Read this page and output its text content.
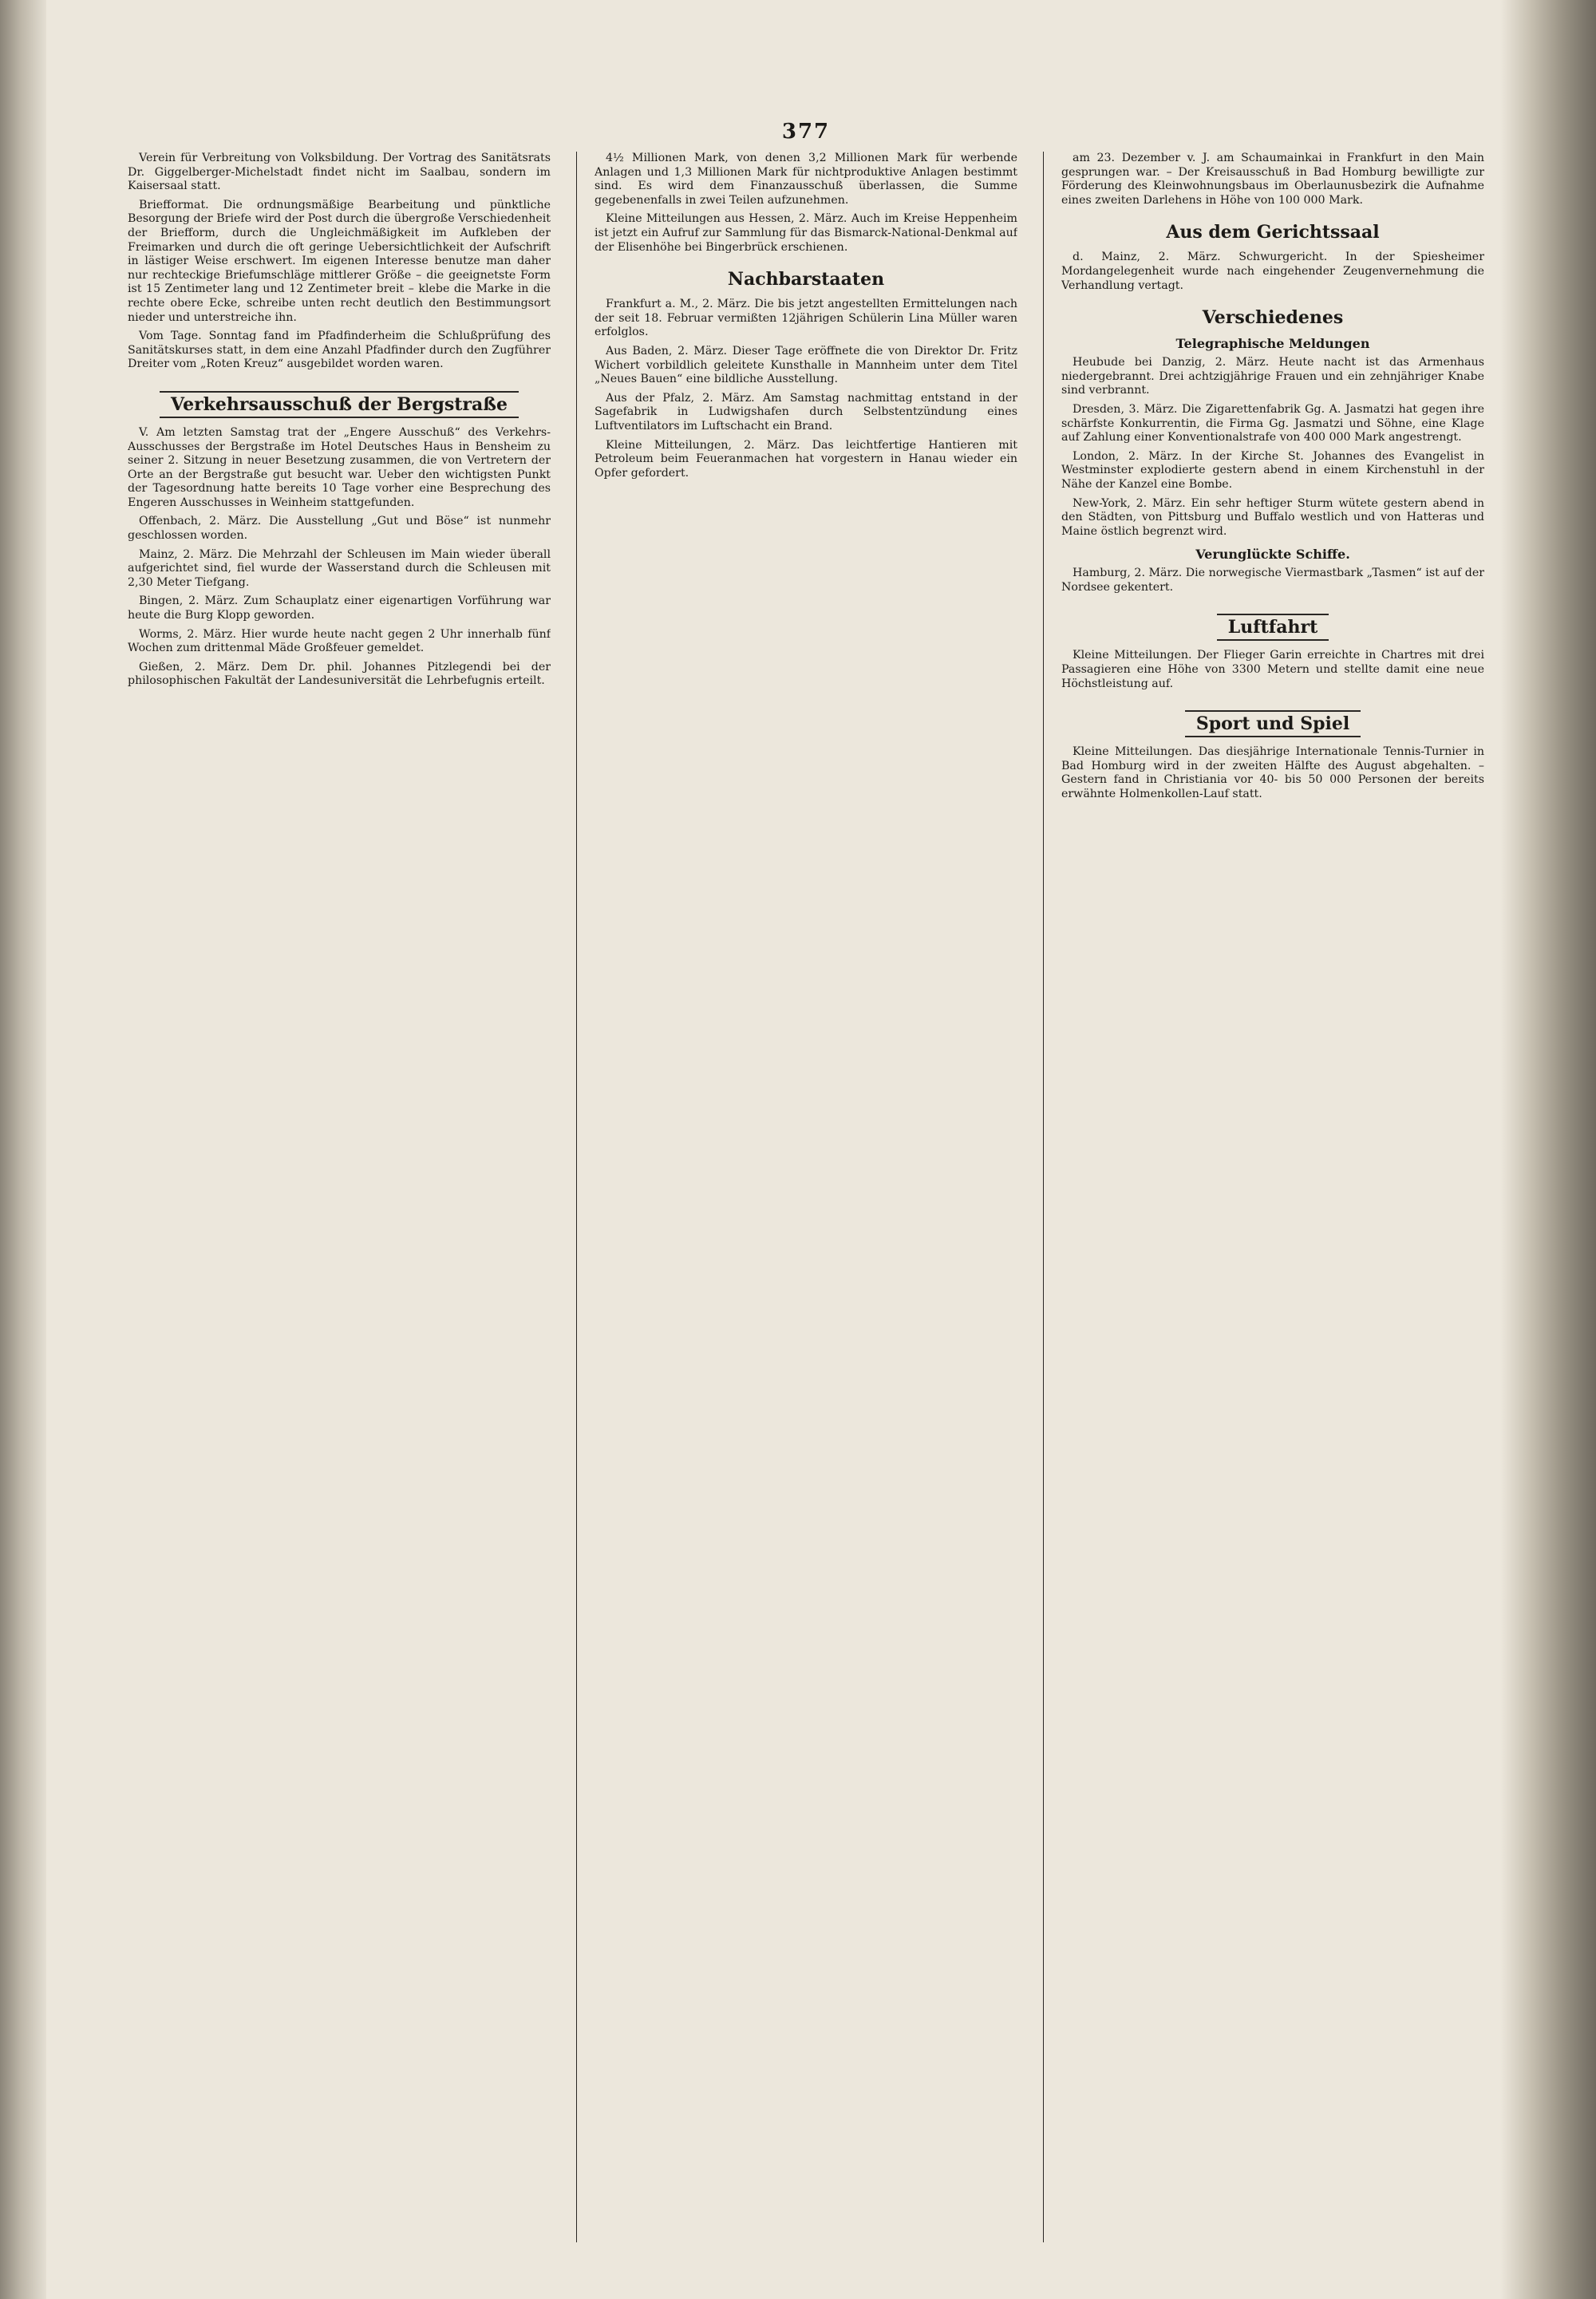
377

Verein für Verbreitung von Volksbildung. Der Vortrag des Sanitätsrats Dr. Giggelberger-Michelstadt findet nicht im Saalbau, sondern im Kaisersaal statt.

Briefformat. Die ordnungsmäßige Bearbeitung und pünktliche Besorgung der Briefe wird der Post durch die übergroße Verschiedenheit der Briefform, durch die Ungleichmäßigkeit im Aufkleben der Freimarken und durch die oft geringe Uebersichtlichkeit der Aufschrift in lästiger Weise erschwert. Im eigenen Interesse benutze man daher nur rechteckige Briefumschläge mittlerer Größe – die geeignetste Form ist 15 Zentimeter lang und 12 Zentimeter breit – klebe die Marke in die rechte obere Ecke, schreibe unten recht deutlich den Bestimmungsort nieder und unterstreiche ihn.

Vom Tage. Sonntag fand im Pfadfinderheim die Schlußprüfung des Sanitätskurses statt, in dem eine Anzahl Pfadfinder durch den Zugführer Dreiter vom „Roten Kreuz“ ausgebildet worden waren.

Verkehrsausschuß der Bergstraße

V. Am letzten Samstag trat der „Engere Ausschuß“ des Verkehrs-Ausschusses der Bergstraße im Hotel Deutsches Haus in Bensheim zu seiner 2. Sitzung in neuer Besetzung zusammen, die von Vertretern der Orte an der Bergstraße gut besucht war. Ueber den wichtigsten Punkt der Tagesordnung hatte bereits 10 Tage vorher eine Besprechung des Engeren Ausschusses in Weinheim stattgefunden.

Offenbach, 2. März. Die Ausstellung „Gut und Böse“ ist nunmehr geschlossen worden.

Mainz, 2. März. Die Mehrzahl der Schleusen im Main wieder überall aufgerichtet sind, fiel wurde der Wasserstand durch die Schleusen mit 2,30 Meter Tiefgang.

Bingen, 2. März. Zum Schauplatz einer eigenartigen Vorführung war heute die Burg Klopp geworden.

Worms, 2. März. Hier wurde heute nacht gegen 2 Uhr innerhalb fünf Wochen zum drittenmal Mäde Großfeuer gemeldet.

Gießen, 2. März. Dem Dr. phil. Johannes Pitzlegendi bei der philosophischen Fakultät der Landesuniversität die Lehrbefugnis erteilt.

4½ Millionen Mark, von denen 3,2 Millionen Mark für werbende Anlagen und 1,3 Millionen Mark für nichtproduktive Anlagen bestimmt sind. Es wird dem Finanzausschuß überlassen, die Summe gegebenenfalls in zwei Teilen aufzunehmen.

Kleine Mitteilungen aus Hessen, 2. März. Auch im Kreise Heppenheim ist jetzt ein Aufruf zur Sammlung für das Bismarck-National-Denkmal auf der Elisenhöhe bei Bingerbrück erschienen.

Nachbarstaaten

Frankfurt a. M., 2. März. Die bis jetzt angestellten Ermittelungen nach der seit 18. Februar vermißten 12jährigen Schülerin Lina Müller waren erfolglos.

Aus Baden, 2. März. Dieser Tage eröffnete die von Direktor Dr. Fritz Wichert vorbildlich geleitete Kunsthalle in Mannheim unter dem Titel „Neues Bauen“ eine bildliche Ausstellung.

Aus der Pfalz, 2. März. Am Samstag nachmittag entstand in der Sagefabrik in Ludwigshafen durch Selbstentzündung eines Luftventilators im Luftschacht ein Brand.

Kleine Mitteilungen, 2. März. Das leichtfertige Hantieren mit Petroleum beim Feueranmachen hat vorgestern in Hanau wieder ein Opfer gefordert.

am 23. Dezember v. J. am Schaumainkai in Frankfurt in den Main gesprungen war. – Der Kreisausschuß in Bad Homburg bewilligte zur Förderung des Kleinwohnungsbaus im Oberlaunusbezirk die Aufnahme eines zweiten Darlehens in Höhe von 100 000 Mark.

Aus dem Gerichtssaal

d. Mainz, 2. März. Schwurgericht. In der Spiesheimer Mordangelegenheit wurde nach eingehender Zeugenvernehmung die Verhandlung vertagt.

Verschiedenes
Telegraphische Meldungen

Heubude bei Danzig, 2. März. Heute nacht ist das Armenhaus niedergebrannt. Drei achtzigjährige Frauen und ein zehnjähriger Knabe sind verbrannt.

Dresden, 3. März. Die Zigarettenfabrik Gg. A. Jasmatzi hat gegen ihre schärfste Konkurrentin, die Firma Gg. Jasmatzi und Söhne, eine Klage auf Zahlung einer Konventionalstrafe von 400 000 Mark angestrengt.

London, 2. März. In der Kirche St. Johannes des Evangelist in Westminster explodierte gestern abend in einem Kirchenstuhl in der Nähe der Kanzel eine Bombe.

New-York, 2. März. Ein sehr heftiger Sturm wütete gestern abend in den Städten, von Pittsburg und Buffalo westlich und von Hatteras und Maine östlich begrenzt wird.

Verunglückte Schiffe.

Hamburg, 2. März. Die norwegische Viermastbark „Tasmen“ ist auf der Nordsee gekentert.

Luftfahrt

Kleine Mitteilungen. Der Flieger Garin erreichte in Chartres mit drei Passagieren eine Höhe von 3300 Metern und stellte damit eine neue Höchstleistung auf.

Sport und Spiel

Kleine Mitteilungen. Das diesjährige Internationale Tennis-Turnier in Bad Homburg wird in der zweiten Hälfte des August abgehalten. – Gestern fand in Christiania vor 40- bis 50 000 Personen der bereits erwähnte Holmenkollen-Lauf statt.
